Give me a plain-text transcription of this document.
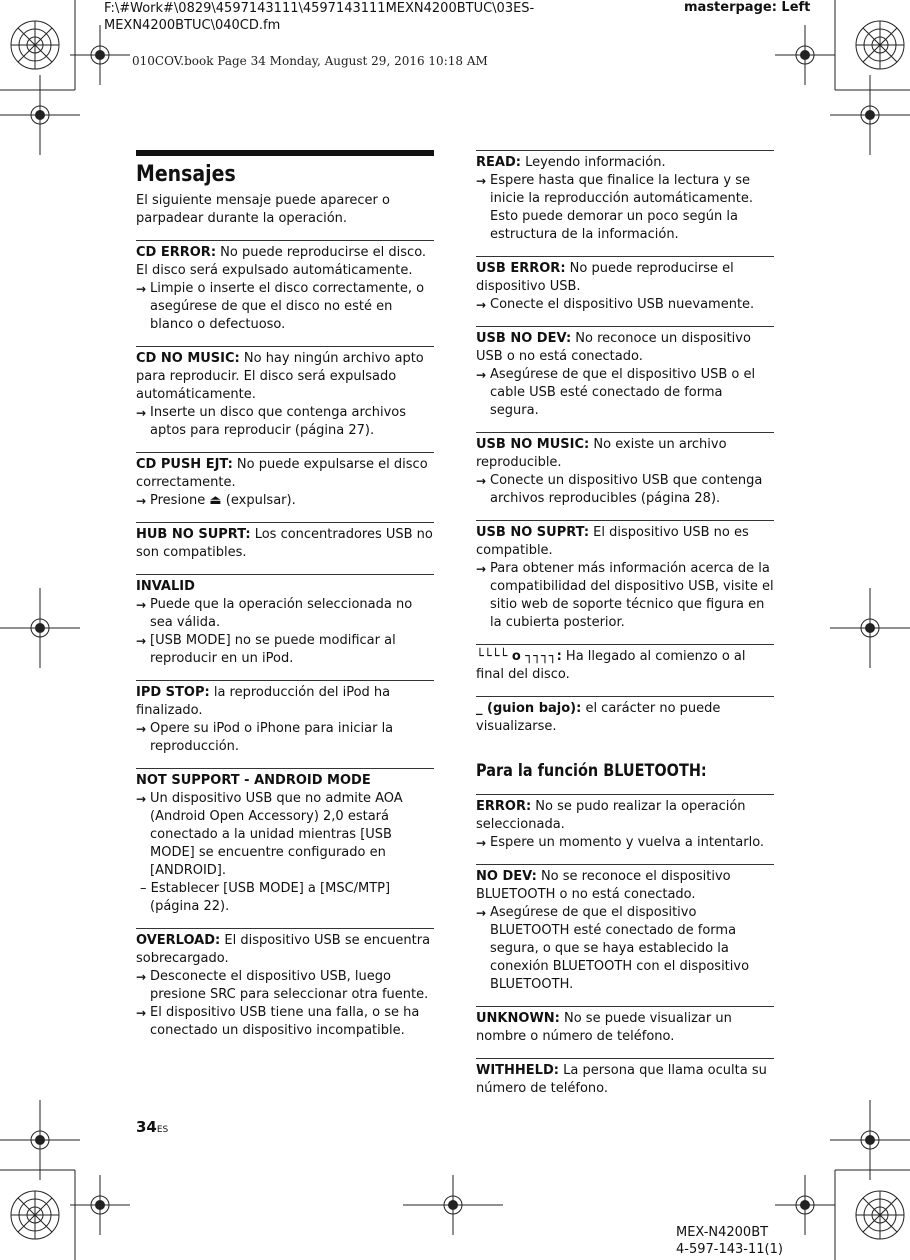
F:\#Work#\0829\4597143111\4597143111MEXN4200BTUC\03ES-
MEXN4200BTUC\040CD.fm
masterpage: Left
010COV.book Page 34 Monday, August 29, 2016 10:18 AM
Mensajes

El siguiente mensaje puede aparecer o parpadear durante la operación.

CD ERROR: No puede reproducirse el disco. El disco será expulsado automáticamente.

→ Limpie o inserte el disco correctamente, o asegúrese de que el disco no esté en blanco o defectuoso.

CD NO MUSIC: No hay ningún archivo apto para reproducir. El disco será expulsado automáticamente.

→ Inserte un disco que contenga archivos aptos para reproducir (página 27).

CD PUSH EJT: No puede expulsarse el disco correctamente.

→ Presione ⏏ (expulsar).

HUB NO SUPRT: Los concentradores USB no son compatibles.

INVALID

→ Puede que la operación seleccionada no sea válida.

→ [USB MODE] no se puede modificar al reproducir en un iPod.

IPD STOP: la reproducción del iPod ha finalizado.

→ Opere su iPod o iPhone para iniciar la reproducción.

NOT SUPPORT - ANDROID MODE

→ Un dispositivo USB que no admite AOA (Android Open Accessory) 2,0 estará conectado a la unidad mientras [USB MODE] se encuentre configurado en [ANDROID].

– Establecer [USB MODE] a [MSC/MTP] (página 22).

OVERLOAD: El dispositivo USB se encuentra sobrecargado.

→ Desconecte el dispositivo USB, luego presione SRC para seleccionar otra fuente.

→ El dispositivo USB tiene una falla, o se ha conectado un dispositivo incompatible.

READ: Leyendo información.

→ Espere hasta que finalice la lectura y se inicie la reproducción automáticamente. Esto puede demorar un poco según la estructura de la información.

USB ERROR: No puede reproducirse el dispositivo USB.

→ Conecte el dispositivo USB nuevamente.

USB NO DEV: No reconoce un dispositivo USB o no está conectado.

→ Asegúrese de que el dispositivo USB o el cable USB esté conectado de forma segura.

USB NO MUSIC: No existe un archivo reproducible.

→ Conecte un dispositivo USB que contenga archivos reproducibles (página 28).

USB NO SUPRT: El dispositivo USB no es compatible.

→ Para obtener más información acerca de la compatibilidad del dispositivo USB, visite el sitio web de soporte técnico que figura en la cubierta posterior.

└└└└ o ┐┐┐┐: Ha llegado al comienzo o al final del disco.

_ (guion bajo): el carácter no puede visualizarse.

Para la función BLUETOOTH:

ERROR: No se pudo realizar la operación seleccionada.

→ Espere un momento y vuelva a intentarlo.

NO DEV: No se reconoce el dispositivo BLUETOOTH o no está conectado.

→ Asegúrese de que el dispositivo BLUETOOTH esté conectado de forma segura, o que se haya establecido la conexión BLUETOOTH con el dispositivo BLUETOOTH.

UNKNOWN: No se puede visualizar un nombre o número de teléfono.

WITHHELD: La persona que llama oculta su número de teléfono.

34ES
MEX-N4200BT
4-597-143-11(1)
